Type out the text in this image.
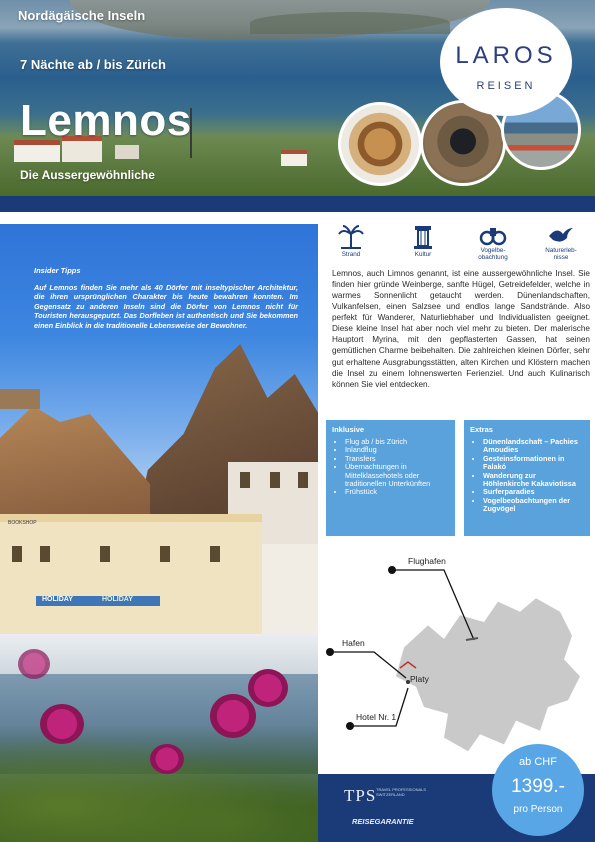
Nordägäische Inseln

7 Nächte ab / bis Zürich

Lemnos

Die Aussergewöhnliche

LAROS
REISEN
HOLIDAY	HOLIDAY
BOOKSHOP

Insider Tipps

Auf Lemnos finden Sie mehr als 40 Dörfer mit inseltypischer Architektur, die ihren ursprünglichen Charakter bis heute bewahren konnten. Im Gegensatz zu anderen Inseln sind die Dörfer von Lemnos nicht für Touristen herausgeputzt. Das Dorfleben ist authentisch und Sie bekommen einen Einblick in die traditionelle Lebensweise der Bewohner.

Strand	Kultur
Vogelbe-
obachtung
Naturerleb-
nisse

Lemnos, auch Limnos genannt, ist eine aussergewöhnliche Insel. Sie finden hier gründe Weinberge, sanfte Hügel, Getreidefelder, welche in warmes Sonnenlicht getaucht werden. Dünenlandschaften, Vulkanfelsen, einen Salzsee und endlos lange Sandstrände. Also perfekt für Wanderer, Naturliebhaber und Individualisten geeignet. Diese kleine Insel hat aber noch viel mehr zu bieten. Der malerische Hauptort Myrina, mit den gepflasterten Gassen, hat seinen gemütlichen Charme beibehalten. Die zahlreichen kleinen Dörfer, sehr gut erhaltene Ausgrabungsstätten, alten Kirchen und Klöstern machen die Insel zu einem lohnenswerten Ferienziel. Und auch Kulinarisch können Sie viel entdecken.

Inklusive
• Flug ab / bis Zürich
• Inlandflug
• Transfers
• Übernachtungen in Mittelklassehotels oder traditionellen Unterkünften
• Frühstück
Extras
• Dünenlandschaft – Pachies Amoudies
• Gesteinsformationen in Falakó
• Wanderung zur Höhlenkirche Kakaviotissa
• Surferparadies
• Vogelbeobachtungen der Zugvögel

Flughafen

Hafen

Platy

Hotel Nr. 1

TPS TRAVEL PROFESSIONALS SWITZERLAND

REISEGARANTIE

ab CHF

1399.-

pro Person
